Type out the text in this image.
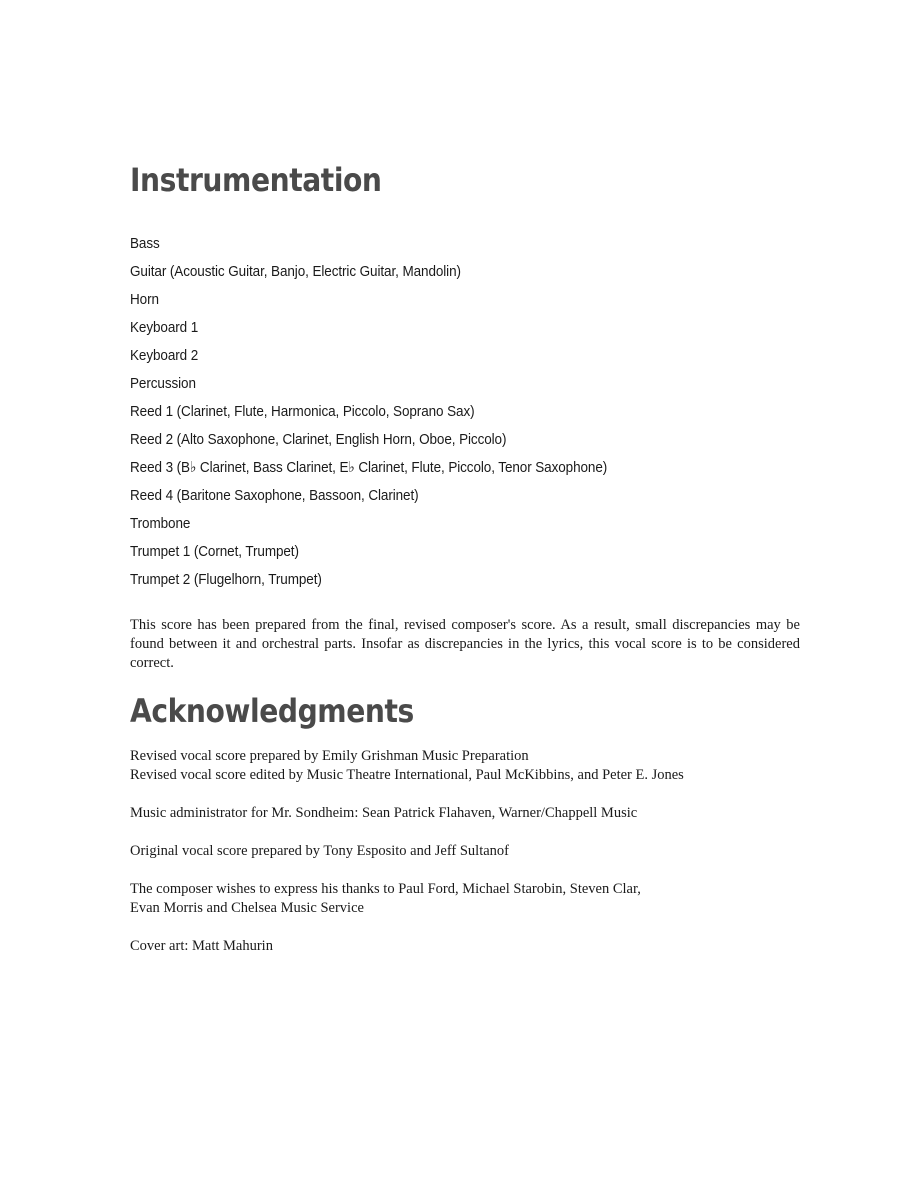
Instrumentation
Bass
Guitar (Acoustic Guitar, Banjo, Electric Guitar, Mandolin)
Horn
Keyboard 1
Keyboard 2
Percussion
Reed 1 (Clarinet, Flute, Harmonica, Piccolo, Soprano Sax)
Reed 2 (Alto Saxophone, Clarinet, English Horn, Oboe, Piccolo)
Reed 3 (B♭ Clarinet, Bass Clarinet, E♭ Clarinet, Flute, Piccolo, Tenor Saxophone)
Reed 4 (Baritone Saxophone, Bassoon, Clarinet)
Trombone
Trumpet 1 (Cornet, Trumpet)
Trumpet 2 (Flugelhorn, Trumpet)

This score has been prepared from the final, revised composer's score. As a result, small discrepancies may be found between it and orchestral parts. Insofar as discrepancies in the lyrics, this vocal score is to be considered correct.

Acknowledgments

Revised vocal score prepared by Emily Grishman Music Preparation
Revised vocal score edited by Music Theatre International, Paul McKibbins, and Peter E. Jones

Music administrator for Mr. Sondheim: Sean Patrick Flahaven, Warner/Chappell Music

Original vocal score prepared by Tony Esposito and Jeff Sultanof

The composer wishes to express his thanks to Paul Ford, Michael Starobin, Steven Clar,
Evan Morris and Chelsea Music Service

Cover art: Matt Mahurin
